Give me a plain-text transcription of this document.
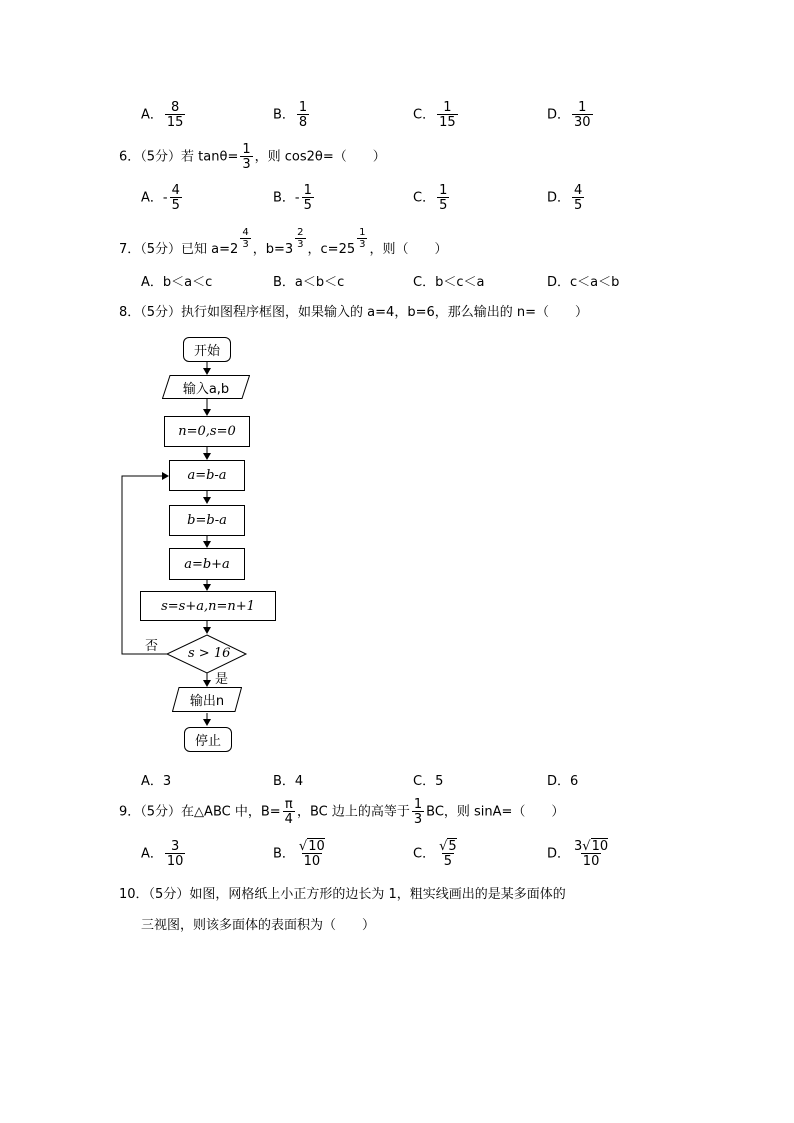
A． $\frac{8}{15}$	B． $\frac{1}{8}$	C． $\frac{1}{15}$	D． $\frac{1}{30}$
6．（5分）若 $\tan\theta= \frac{1}{3}$ ，则 cos2θ=（　　）
A．- $\frac{4}{5}$	B．- $\frac{1}{5}$	C． $\frac{1}{5}$	D． $\frac{4}{5}$
7．（5分）已知 $a=2 \frac{4}{3}$ ，$b=3 \frac{2}{3}$ ，$c=25 \frac{1}{3}$ ，则（　　）
A．b＜a＜c	B．a＜b＜c	C．b＜c＜a	D．c＜a＜b
8．（5分）执行如图程序框图，如果输入的 a=4，b=6，那么输出的 n=（　　）
开始
输入a,b
n=0,s=0
a=b-a
b=b-a
a=b+a
s=s+a,n=n+1
s > 16
否
是
输出n
停止
A．3	B．4	C．5	D．6
9．（5分）在△ABC 中，$B= \frac{\pi}{4}$ ，BC 边上的高等于 $\frac{1}{3}$ BC，则 sinA=（　　）
A． $\frac{3}{10}$	B． $\frac{√10}{10}$	C． $\frac{√5}{5}$	D． $\frac{3√10}{10}$
10．（5分）如图，网格纸上小正方形的边长为 1，粗实线画出的是某多面体的
三视图，则该多面体的表面积为（　　）
